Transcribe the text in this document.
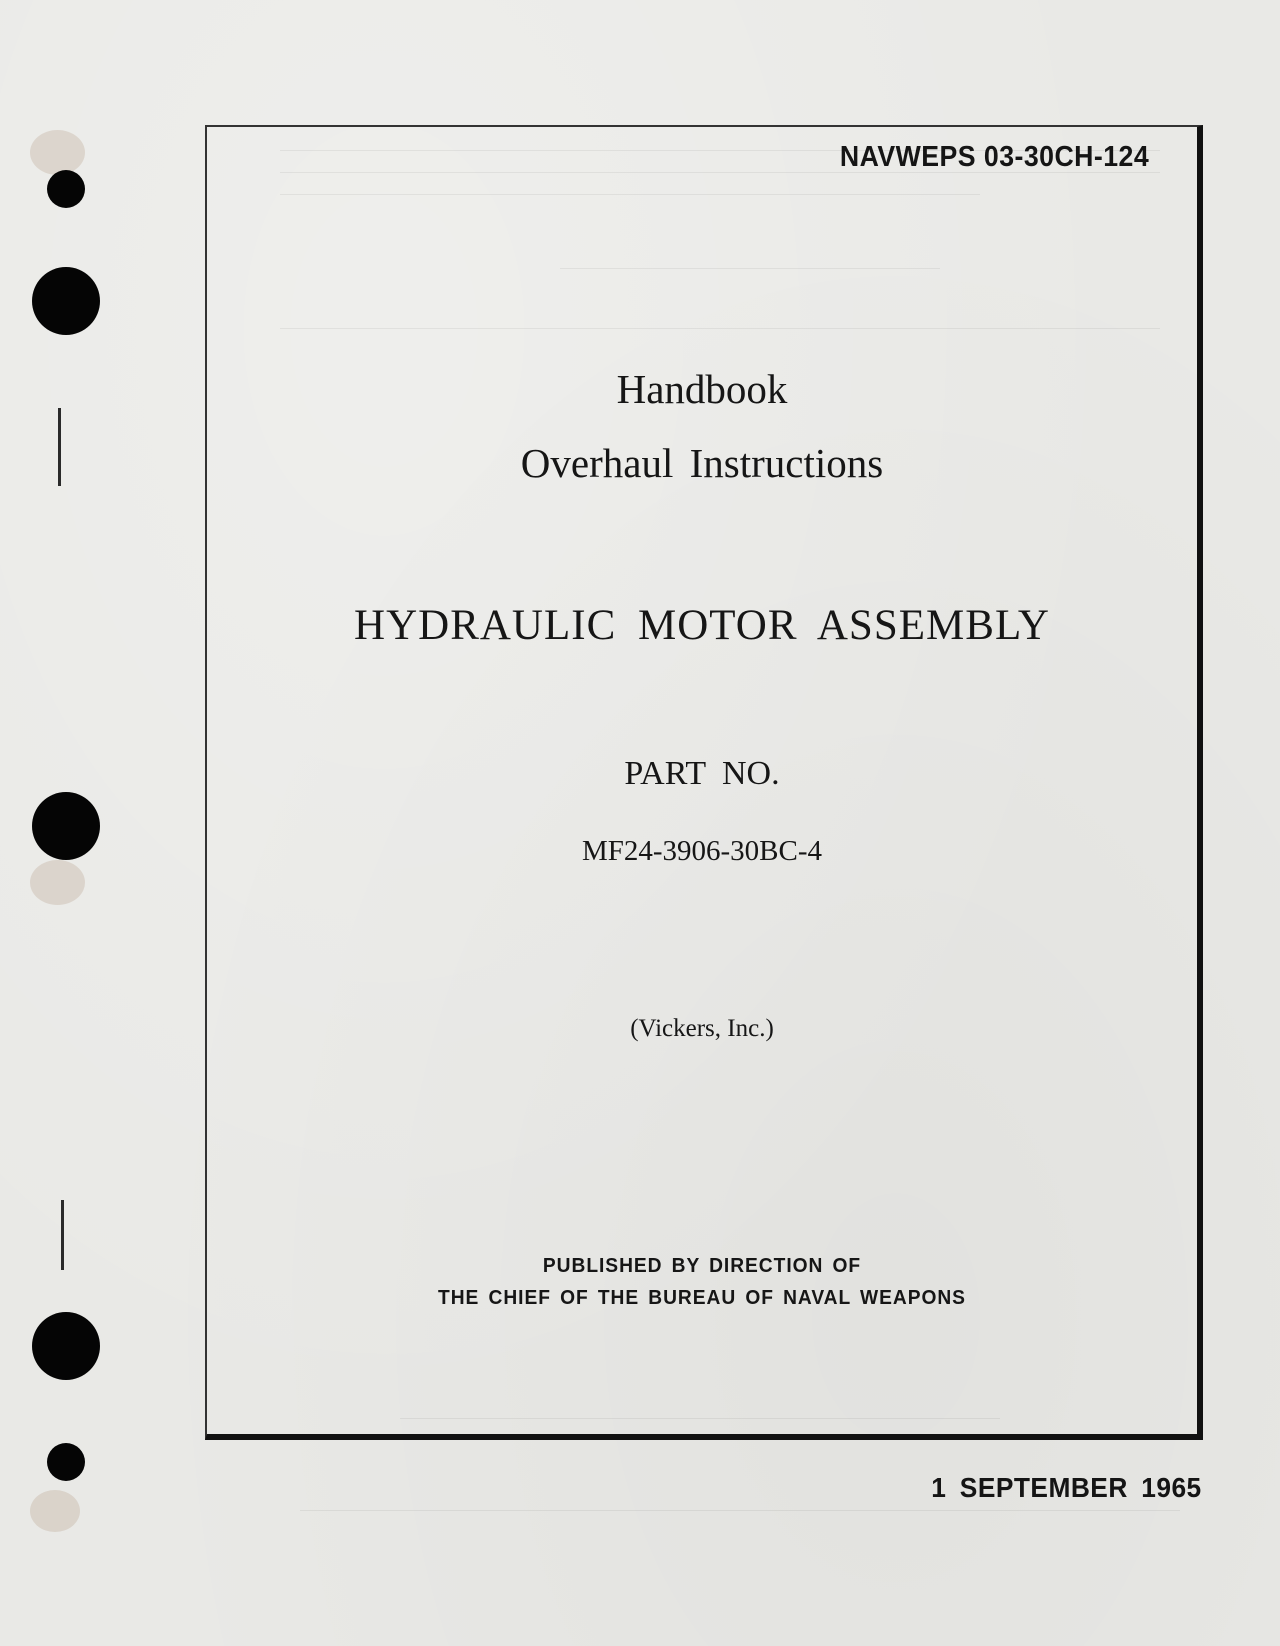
NAVWEPS 03-30CH-124
Handbook
Overhaul Instructions
HYDRAULIC MOTOR ASSEMBLY
PART NO.
MF24-3906-30BC-4
(Vickers, Inc.)
PUBLISHED BY DIRECTION OF
THE CHIEF OF THE BUREAU OF NAVAL WEAPONS
1 SEPTEMBER 1965
